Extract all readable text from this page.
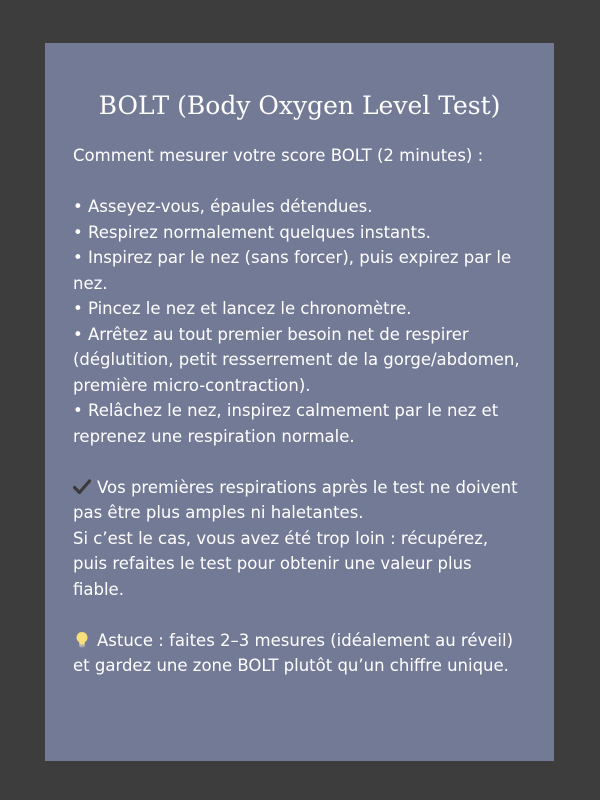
BOLT (Body Oxygen Level Test)

Comment mesurer votre score BOLT (2 minutes) :

• Asseyez-vous, épaules détendues.

• Respirez normalement quelques instants.

• Inspirez par le nez (sans forcer), puis expirez par le nez.

• Pincez le nez et lancez le chronomètre.

• Arrêtez au tout premier besoin net de respirer (déglutition, petit resserrement de la gorge/abdomen, première micro-contraction).

• Relâchez le nez, inspirez calmement par le nez et reprenez une respiration normale.

Vos premières respirations après le test ne doivent pas être plus amples ni haletantes.

Si c’est le cas, vous avez été trop loin : récupérez, puis refaites le test pour obtenir une valeur plus fiable.

Astuce : faites 2–3 mesures (idéalement au réveil) et gardez une zone BOLT plutôt qu’un chiffre unique.
